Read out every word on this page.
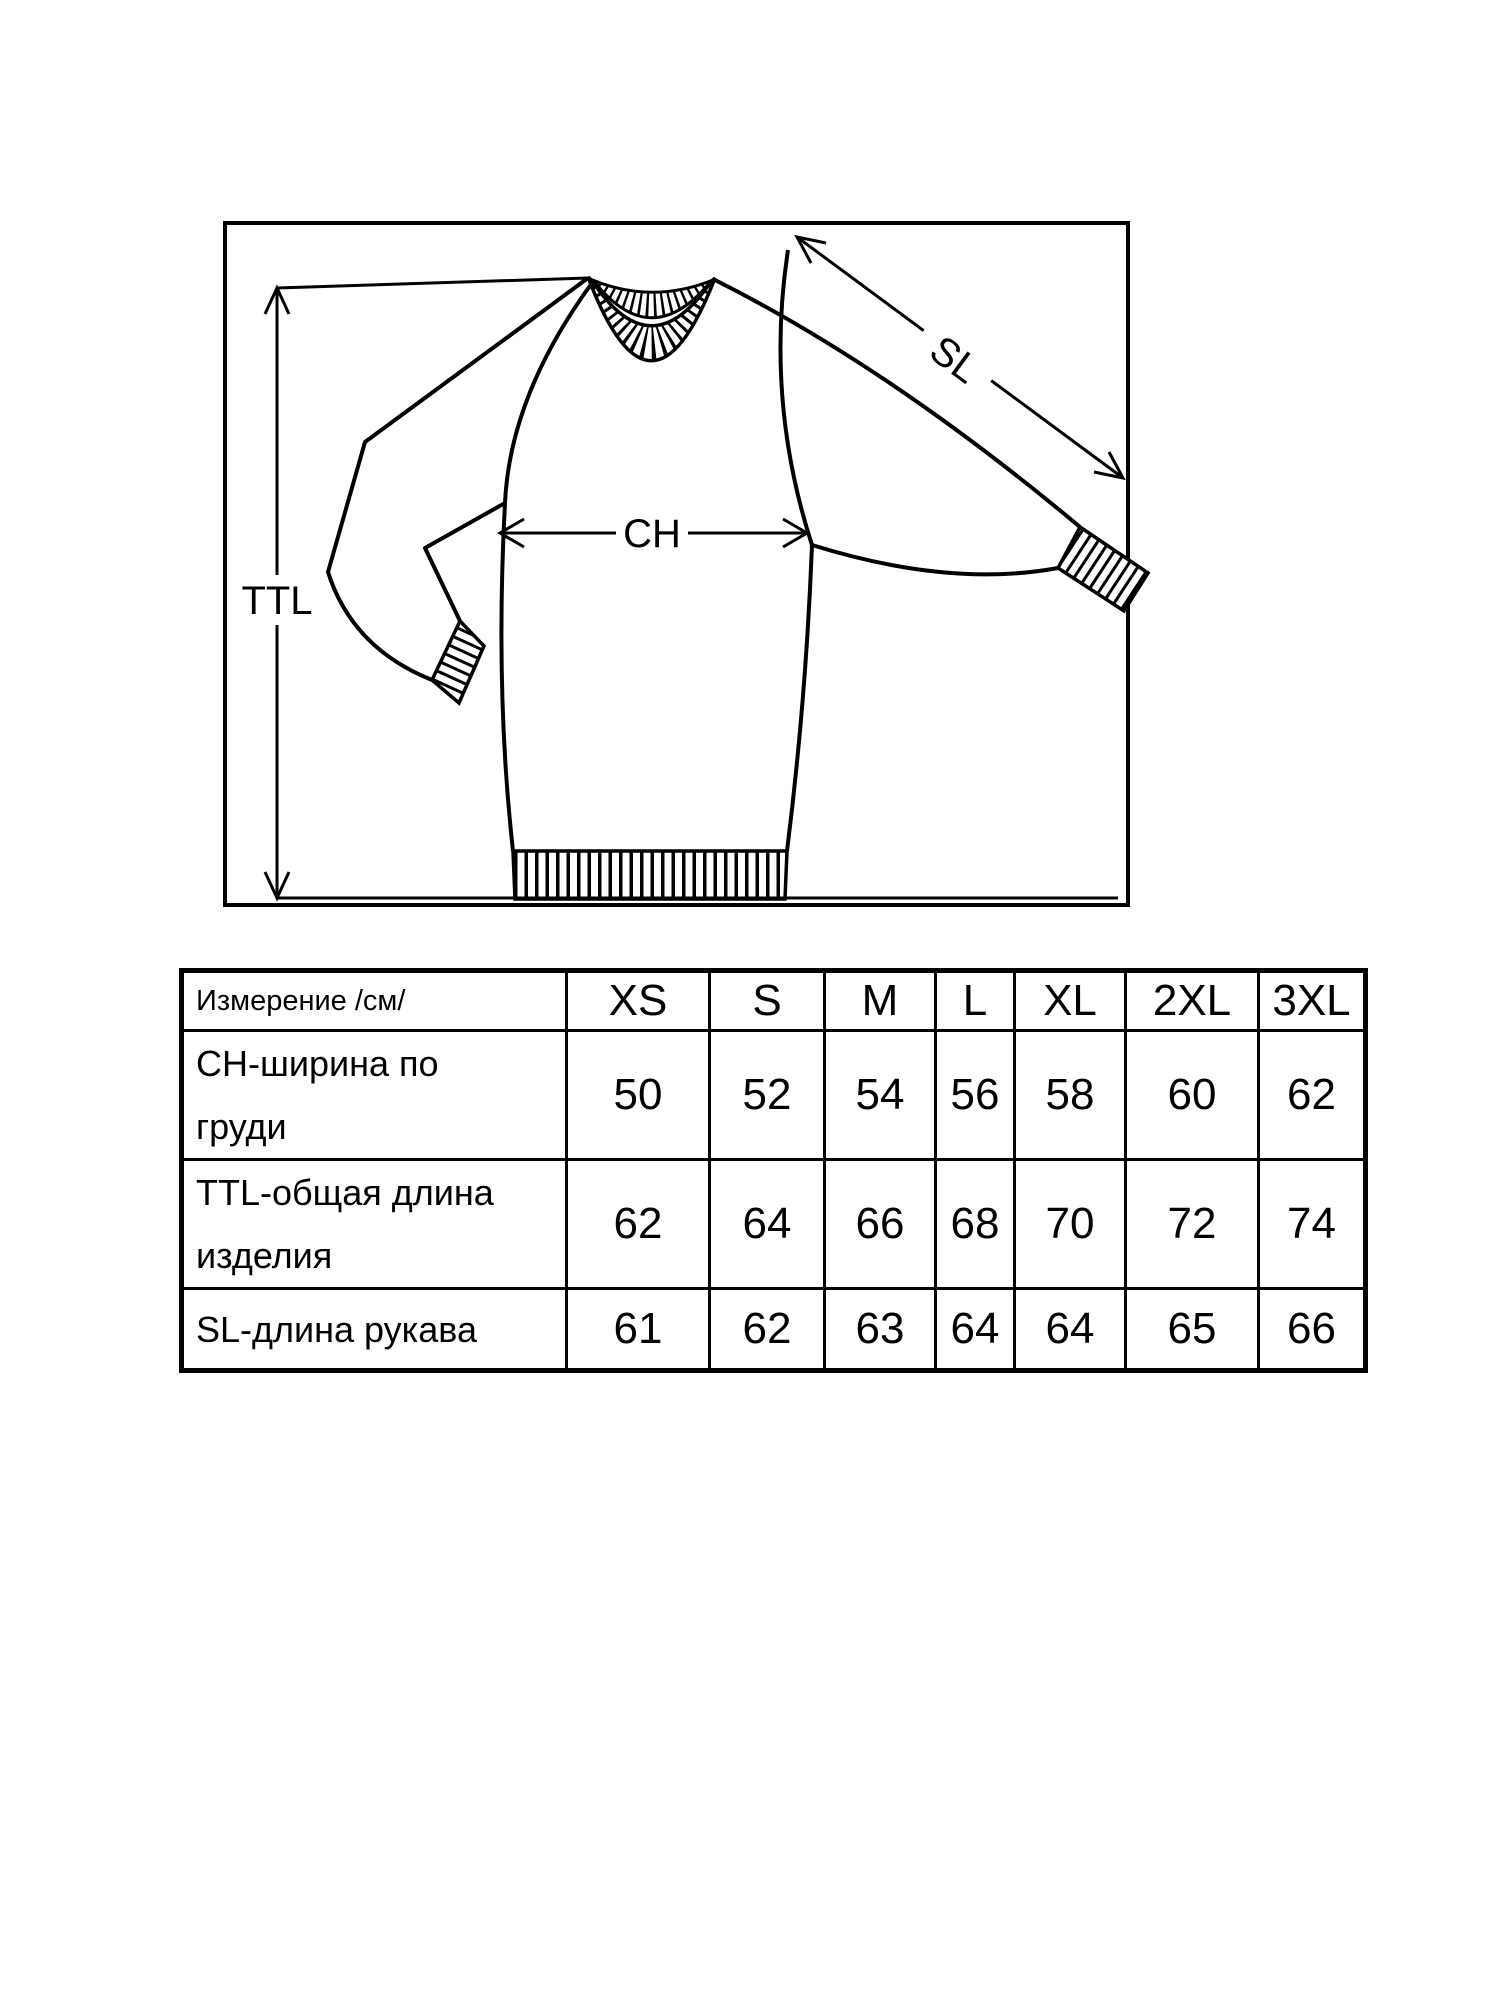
TTL
CH
SL
Измерение /см/	XS	S	M	L	XL	2XL	3XL
CH-ширина по груди	50	52	54	56	58	60	62
TTL-общая длина изделия	62	64	66	68	70	72	74
SL-длина рукава	61	62	63	64	64	65	66
